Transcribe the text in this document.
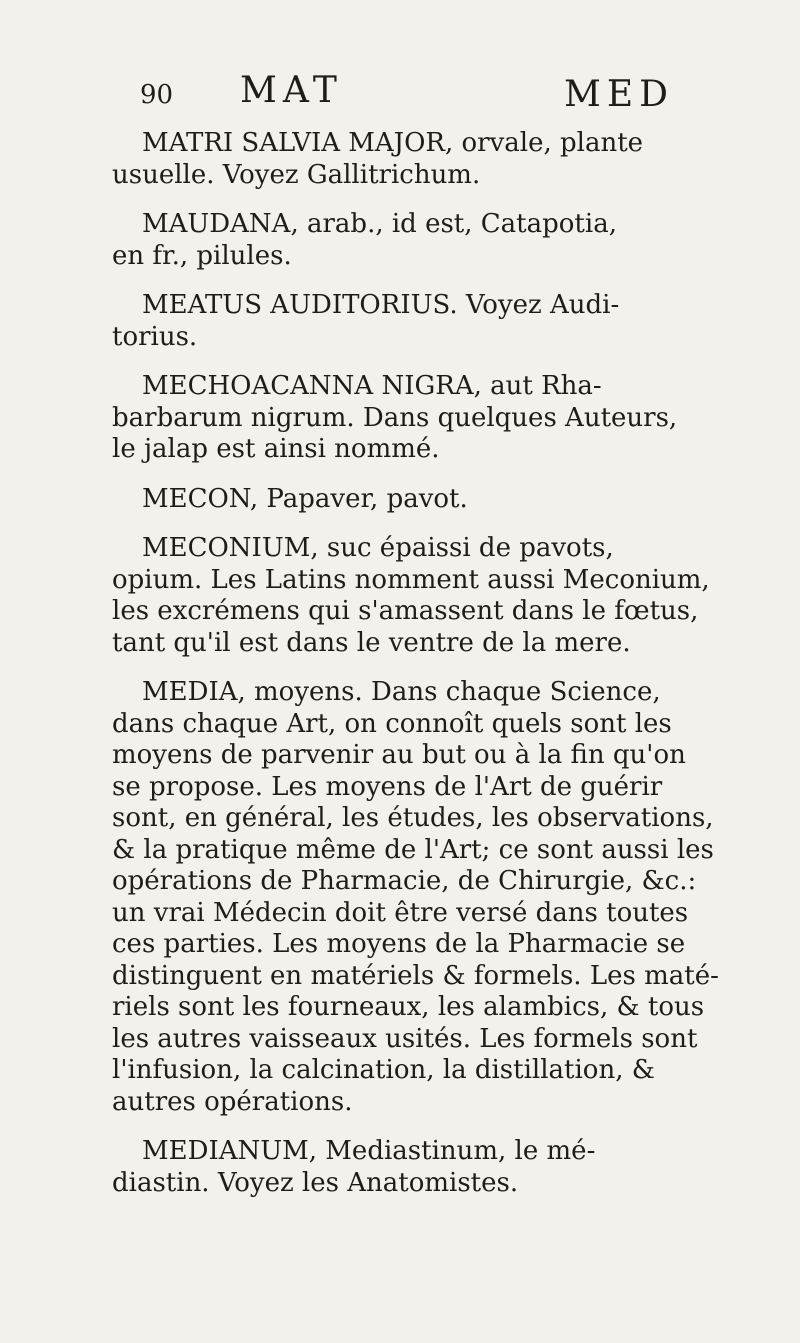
90 MAT	MED
MATRI SALVIA MAJOR, orvale, plante
usuelle. Voyez Gallitrichum.
MAUDANA, arab., id est, Catapotia,
en fr., pilules.
MEATUS AUDITORIUS. Voyez Audi-
torius.
MECHOACANNA NIGRA, aut Rha-
barbarum nigrum. Dans quelques Auteurs,
le jalap est ainsi nommé.
MECON, Papaver, pavot.
MECONIUM, suc épaissi de pavots,
opium. Les Latins nomment aussi Meconium,
les excrémens qui s'amassent dans le fœtus,
tant qu'il est dans le ventre de la mere.
MEDIA, moyens. Dans chaque Science,
dans chaque Art, on connoît quels sont les
moyens de parvenir au but ou à la fin qu'on
se propose. Les moyens de l'Art de guérir
sont, en général, les études, les observations,
& la pratique même de l'Art; ce sont aussi les
opérations de Pharmacie, de Chirurgie, &c.:
un vrai Médecin doit être versé dans toutes
ces parties. Les moyens de la Pharmacie se
distinguent en matériels & formels. Les maté-
riels sont les fourneaux, les alambics, & tous
les autres vaisseaux usités. Les formels sont
l'infusion, la calcination, la distillation, &
autres opérations.
MEDIANUM, Mediastinum, le mé-
diastin. Voyez les Anatomistes.
